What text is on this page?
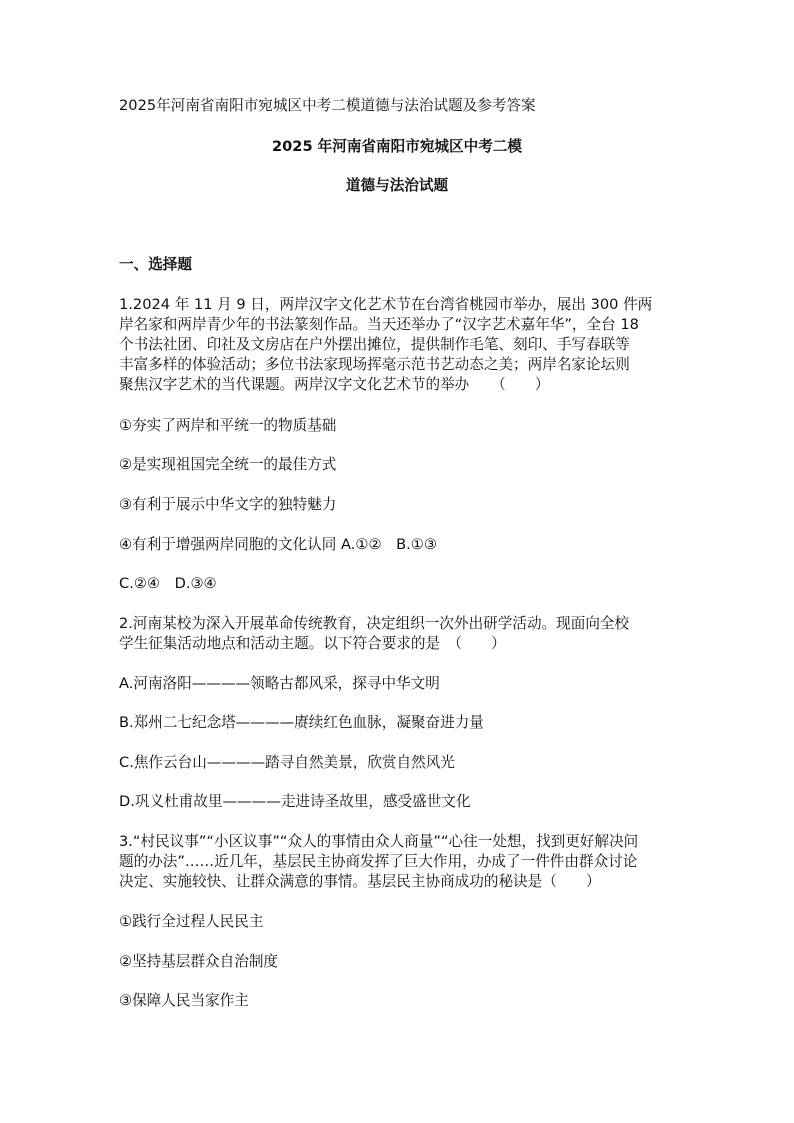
2025年河南省南阳市宛城区中考二模道德与法治试题及参考答案
2025 年河南省南阳市宛城区中考二模
道德与法治试题
一、选择题
1.2024 年 11 月 9 日，两岸汉字文化艺术节在台湾省桃园市举办，展出 300 件两
岸名家和两岸青少年的书法篆刻作品。当天还举办了“汉字艺术嘉年华”，全台 18
个书法社团、印社及文房店在户外摆出摊位，提供制作毛笔、刻印、手写春联等
丰富多样的体验活动；多位书法家现场挥毫示范书艺动态之美；两岸名家论坛则
聚焦汉字艺术的当代课题。两岸汉字文化艺术节的举办　　（　　）
①夯实了两岸和平统一的物质基础
②是实现祖国完全统一的最佳方式
③有利于展示中华文字的独特魅力
④有利于增强两岸同胞的文化认同 A.①②　B.①③
C.②④　D.③④
2.河南某校为深入开展革命传统教育，决定组织一次外出研学活动。现面向全校
学生征集活动地点和活动主题。以下符合要求的是　（　　）
A.河南洛阳————领略古都风采，探寻中华文明
B.郑州二七纪念塔————赓续红色血脉，凝聚奋进力量
C.焦作云台山————踏寻自然美景，欣赏自然风光
D.巩义杜甫故里————走进诗圣故里，感受盛世文化
3.“村民议事”“小区议事”“众人的事情由众人商量”“心往一处想，找到更好解决问
题的办法”……近几年，基层民主协商发挥了巨大作用，办成了一件件由群众讨论
决定、实施较快、让群众满意的事情。基层民主协商成功的秘诀是（　　）
①践行全过程人民民主
②坚持基层群众自治制度
③保障人民当家作主
